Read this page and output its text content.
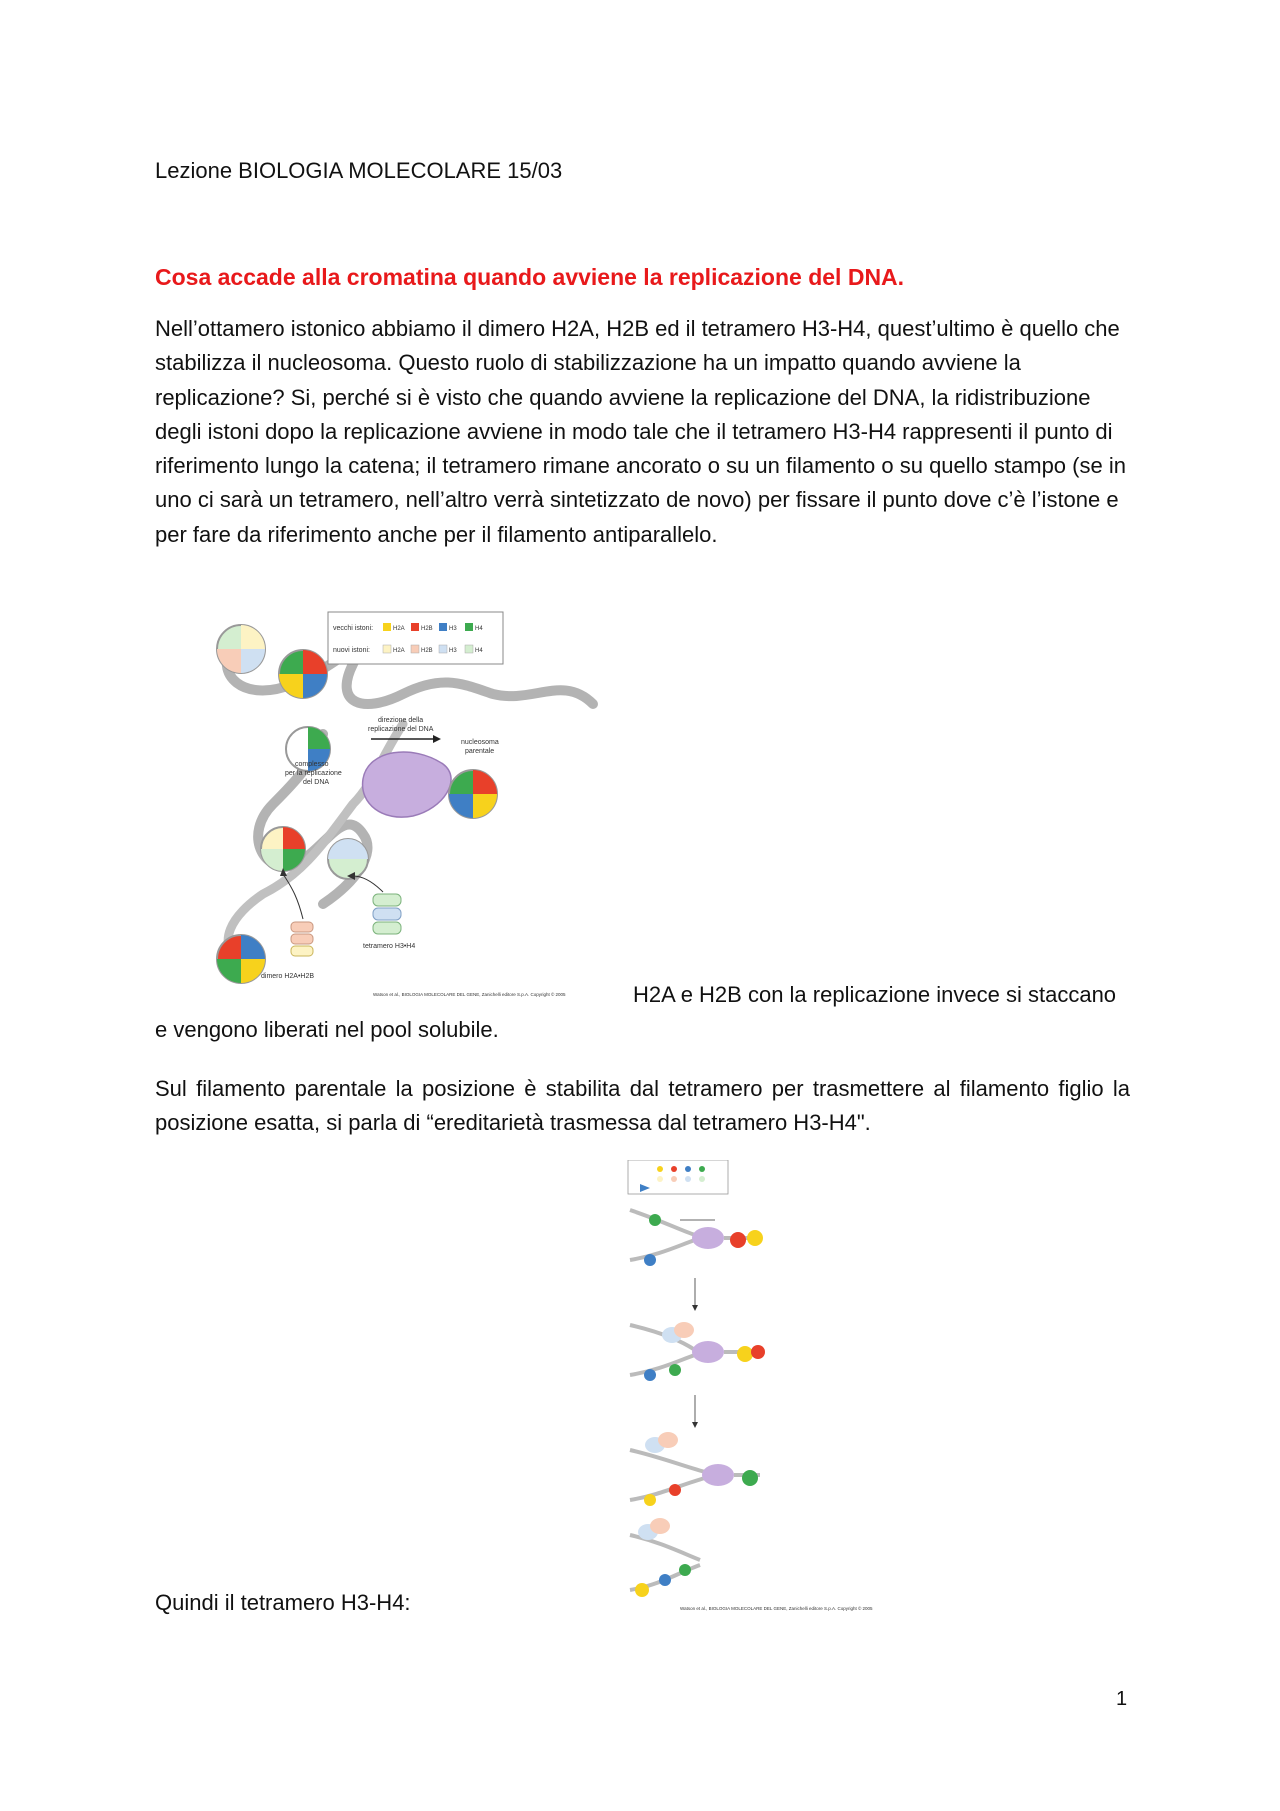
Lezione BIOLOGIA MOLECOLARE 15/03
Cosa accade alla cromatina quando avviene la replicazione del DNA.

Nell’ottamero istonico abbiamo il dimero H2A, H2B ed il tetramero H3-H4, quest’ultimo è quello che stabilizza il nucleosoma. Questo ruolo di stabilizzazione ha un impatto quando avviene la replicazione? Si, perché si è visto che quando avviene la replicazione del DNA, la ridistribuzione degli istoni dopo la replicazione avviene in modo tale che il tetramero H3-H4 rappresenti il punto di riferimento lungo la catena; il tetramero rimane ancorato o su un filamento o su quello stampo (se in uno ci sarà un tetramero, nell’altro verrà sintetizzato de novo) per fissare il punto dove c’è l’istone e per fare da riferimento anche per il filamento antiparallelo.

vecchi istoni:
nuovi istoni:
H2A	H2B	H3	H4
H2A	H2B	H3	H4
direzione della
replicazione del DNA
complesso
per la replicazione
del DNA
nucleosoma
parentale
dimero H2A•H2B
tetramero H3•H4
Watson et al., BIOLOGIA MOLECOLARE DEL GENE, Zanichelli editore S.p.A. Copyright © 2005	H2A e H2B con la replicazione invece si staccano
e vengono liberati nel pool solubile.

Sul filamento parentale la posizione è stabilita dal tetramero per trasmettere al filamento figlio la posizione esatta, si parla di “ereditarietà trasmessa dal tetramero H3-H4".

Watson et al., BIOLOGIA MOLECOLARE DEL GENE, Zanichelli editore S.p.A. Copyright © 2005
Quindi il tetramero H3-H4:
1
